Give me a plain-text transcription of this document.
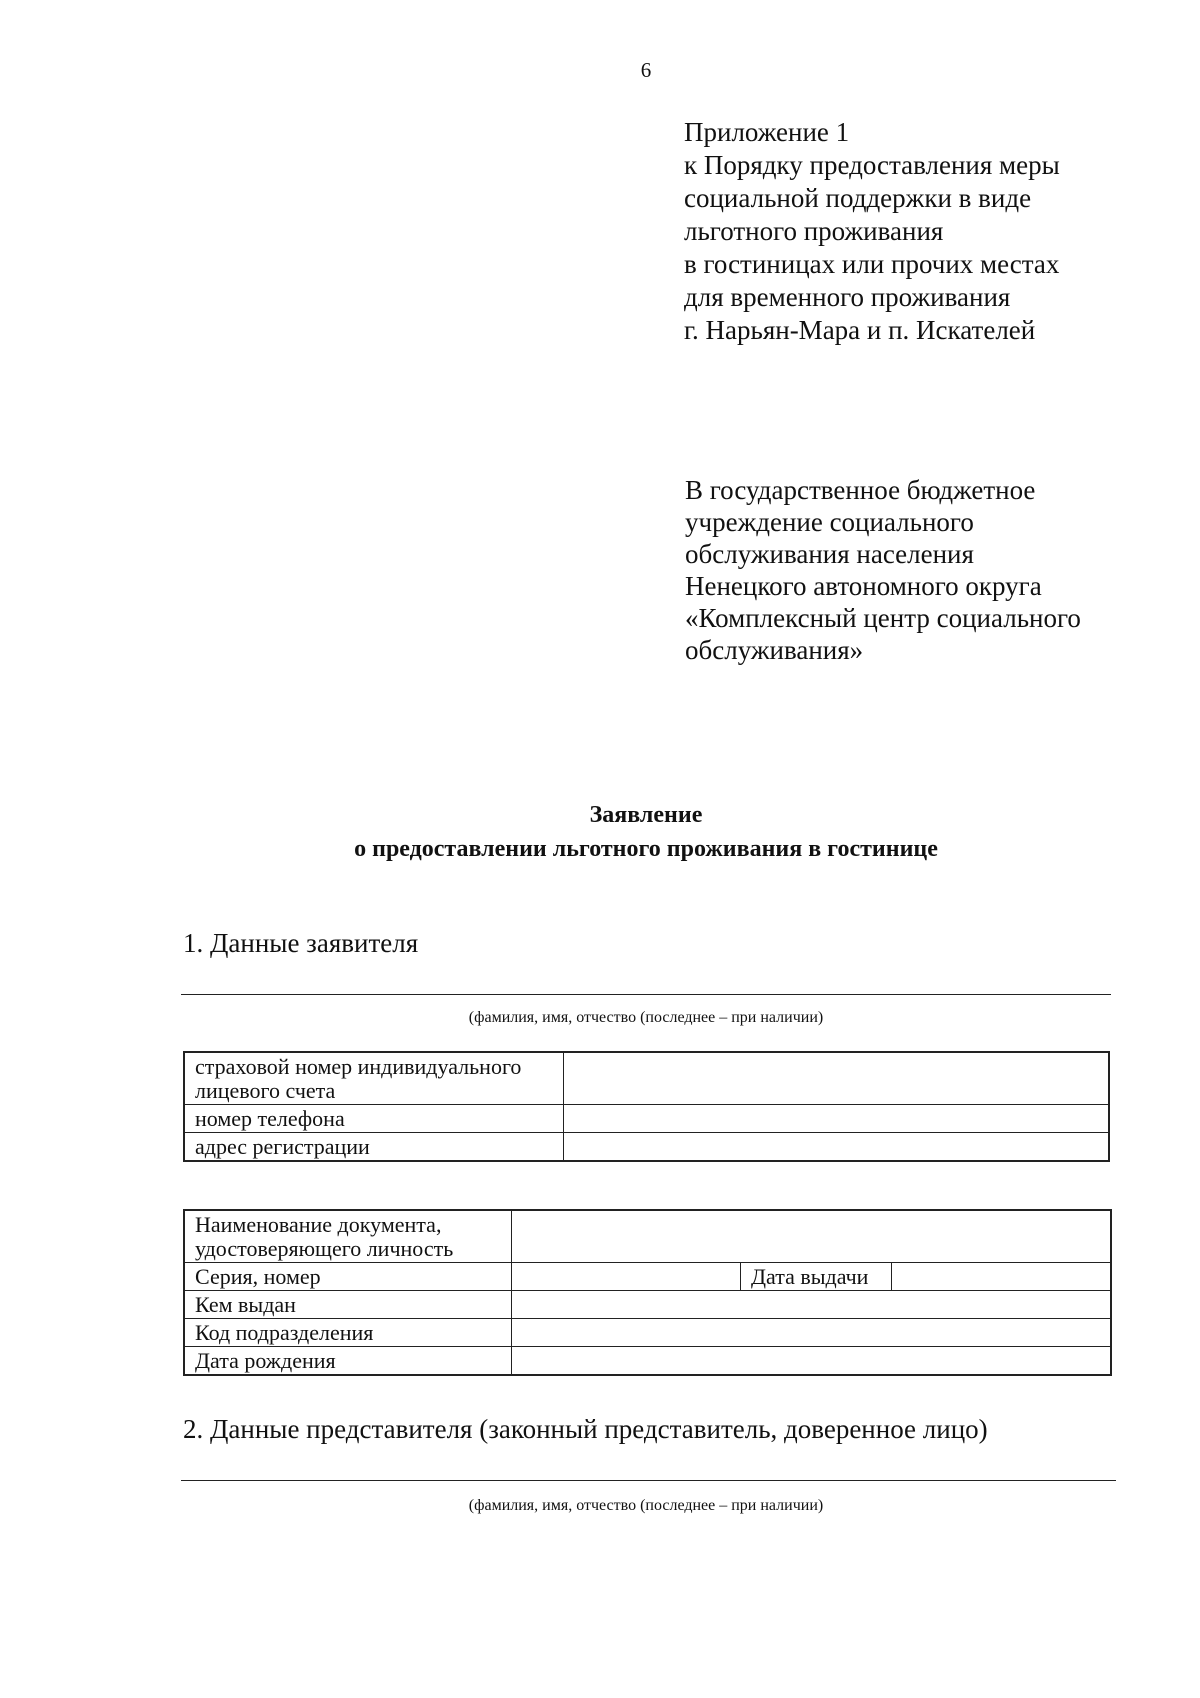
6
Приложение 1
к Порядку предоставления меры
социальной поддержки в виде
льготного проживания
в гостиницах или прочих местах
для временного проживания
г. Нарьян-Мара и п. Искателей
В государственное бюджетное
учреждение социального
обслуживания населения
Ненецкого автономного округа
«Комплексный центр социального
обслуживания»
Заявление
о предоставлении льготного проживания в гостинице
1. Данные заявителя
(фамилия, имя, отчество (последнее – при наличии)
страховой номер индивидуального лицевого счета	
номер телефона	
адрес регистрации	
Наименование документа, удостоверяющего личность			
Серия, номер		Дата выдачи	
Кем выдан			
Код подразделения			
Дата рождения			
2. Данные представителя (законный представитель, доверенное лицо)
(фамилия, имя, отчество (последнее – при наличии)
